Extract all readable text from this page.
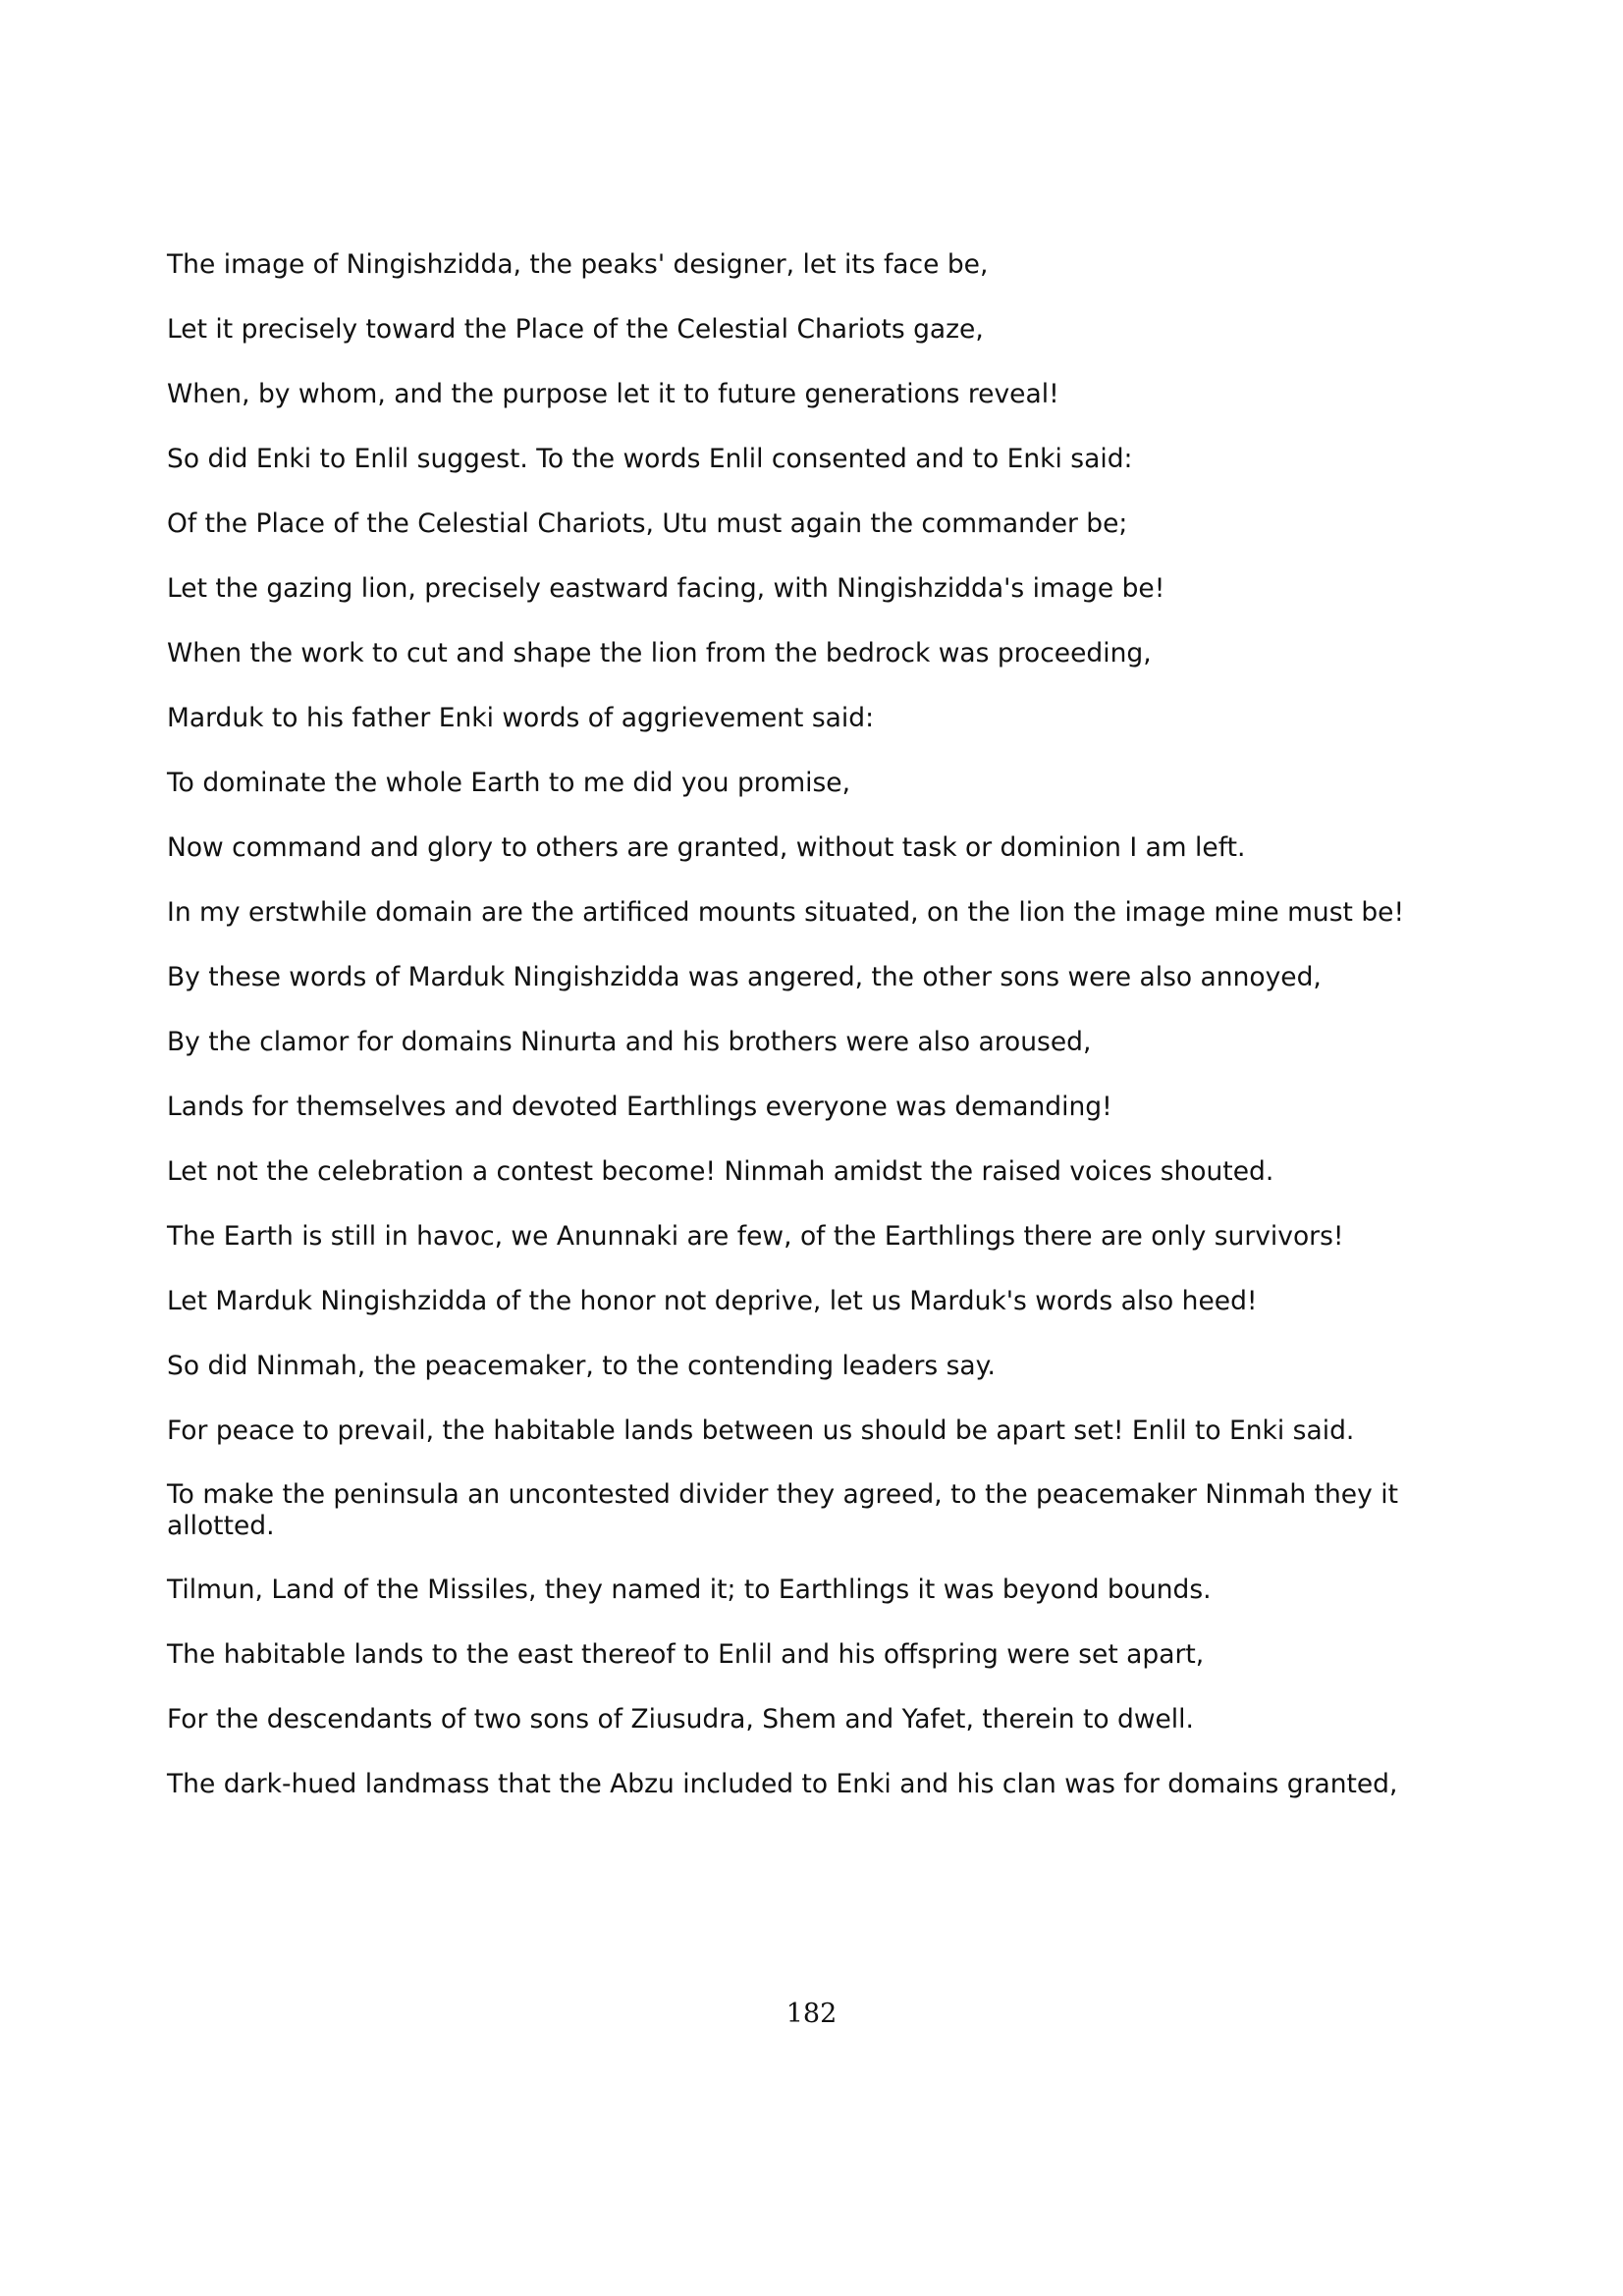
The image of Ningishzidda, the peaks' designer, let its face be,

Let it precisely toward the Place of the Celestial Chariots gaze,

When, by whom, and the purpose let it to future generations reveal!

So did Enki to Enlil suggest. To the words Enlil consented and to Enki said:

Of the Place of the Celestial Chariots, Utu must again the commander be;

Let the gazing lion, precisely eastward facing, with Ningishzidda's image be!

When the work to cut and shape the lion from the bedrock was proceeding,

Marduk to his father Enki words of aggrievement said:

To dominate the whole Earth to me did you promise,

Now command and glory to others are granted, without task or dominion I am left.

In my erstwhile domain are the artificed mounts situated, on the lion the image mine must be!

By these words of Marduk Ningishzidda was angered, the other sons were also annoyed,

By the clamor for domains Ninurta and his brothers were also aroused,

Lands for themselves and devoted Earthlings everyone was demanding!

Let not the celebration a contest become! Ninmah amidst the raised voices shouted.

The Earth is still in havoc, we Anunnaki are few, of the Earthlings there are only survivors!

Let Marduk Ningishzidda of the honor not deprive, let us Marduk's words also heed!

So did Ninmah, the peacemaker, to the contending leaders say.

For peace to prevail, the habitable lands between us should be apart set! Enlil to Enki said.

To make the peninsula an uncontested divider they agreed, to the peacemaker Ninmah they it allotted.

Tilmun, Land of the Missiles, they named it; to Earthlings it was beyond bounds.

The habitable lands to the east thereof to Enlil and his offspring were set apart,

For the descendants of two sons of Ziusudra, Shem and Yafet, therein to dwell.

The dark-hued landmass that the Abzu included to Enki and his clan was for domains granted,

182
